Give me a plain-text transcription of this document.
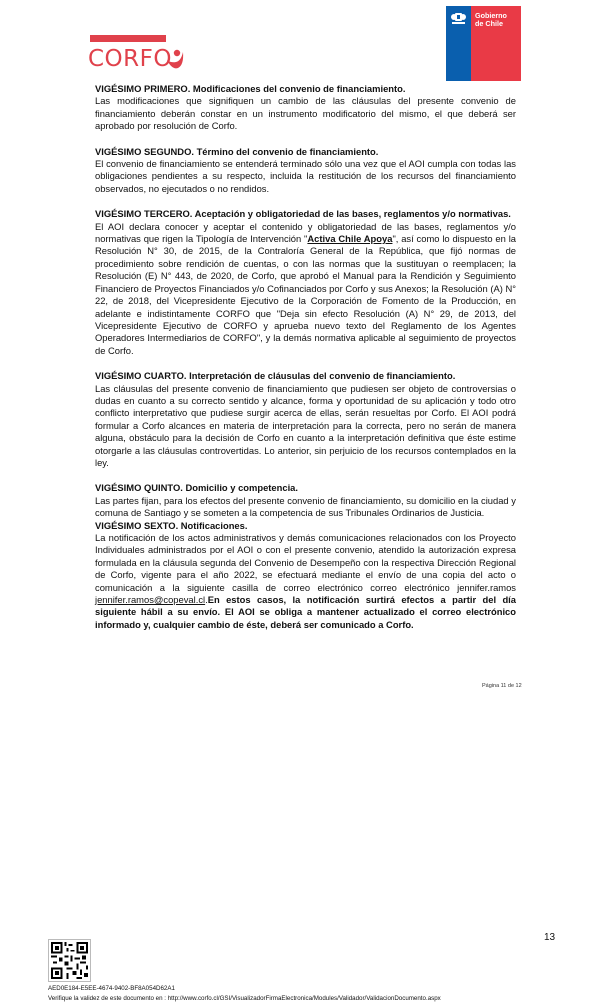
CORFO
Gobierno
de Chile
VIGÉSIMO PRIMERO. Modificaciones del convenio de financiamiento.

Las modificaciones que signifiquen un cambio de las cláusulas del presente convenio de financiamiento deberán constar en un instrumento modificatorio del mismo, el que deberá ser aprobado por resolución de Corfo.

VIGÉSIMO SEGUNDO. Término del convenio de financiamiento.

El convenio de financiamiento se entenderá terminado sólo una vez que el AOI cumpla con todas las obligaciones pendientes a su respecto, incluida la restitución de los recursos del financiamiento observados, no ejecutados o no rendidos.

VIGÉSIMO TERCERO. Aceptación y obligatoriedad de las bases, reglamentos y/o normativas.

El AOI declara conocer y aceptar el contenido y obligatoriedad de las bases, reglamentos y/o normativas que rigen la Tipología de Intervención "Activa Chile Apoya", así como lo dispuesto en la Resolución N° 30, de 2015, de la Contraloría General de la República, que fijó normas de procedimiento sobre rendición de cuentas, o con las normas que la sustituyan o reemplacen; la Resolución (E) N° 443, de 2020, de Corfo, que aprobó el Manual para la Rendición y Seguimiento Financiero de Proyectos Financiados y/o Cofinanciados por Corfo y sus Anexos; la Resolución (A) N° 22, de 2018, del Vicepresidente Ejecutivo de la Corporación de Fomento de la Producción, en adelante e indistintamente CORFO que "Deja sin efecto Resolución (A) N° 29, de 2013, del Vicepresidente Ejecutivo de CORFO y aprueba nuevo texto del Reglamento de los Agentes Operadores Intermediarios de CORFO", y la demás normativa aplicable al seguimiento de proyectos de Corfo.

VIGÉSIMO CUARTO. Interpretación de cláusulas del convenio de financiamiento.

Las cláusulas del presente convenio de financiamiento que pudiesen ser objeto de controversias o dudas en cuanto a su correcto sentido y alcance, forma y oportunidad de su aplicación y todo otro conflicto interpretativo que pudiese surgir acerca de ellas, serán resueltas por Corfo. El AOI podrá formular a Corfo alcances en materia de interpretación para la correcta, pero no serán de manera alguna, obstáculo para la decisión de Corfo en cuanto a la interpretación definitiva que éste estime otorgarle a las cláusulas controvertidas. Lo anterior, sin perjuicio de los recursos contemplados en la ley.

VIGÉSIMO QUINTO. Domicilio y competencia.

Las partes fijan, para los efectos del presente convenio de financiamiento, su domicilio en la ciudad y comuna de Santiago y se someten a la competencia de sus Tribunales Ordinarios de Justicia.

VIGÉSIMO SEXTO. Notificaciones.

La notificación de los actos administrativos y demás comunicaciones relacionados con los Proyecto Individuales administrados por el AOI o con el presente convenio, atendido la autorización expresa formulada en la cláusula segunda del Convenio de Desempeño con la respectiva Dirección Regional de Corfo, vigente para el año 2022, se efectuará mediante el envío de una copia del acto o comunicación a la siguiente casilla de correo electrónico correo electrónico jennifer.ramos jennifer.ramos@copeval.cl.En estos casos, la notificación surtirá efectos a partir del día siguiente hábil a su envío. El AOI se obliga a mantener actualizado el correo electrónico informado y, cualquier cambio de éste, deberá ser comunicado a Corfo.

Página 11 de 12
13
AED0E184-E5EE-4674-9402-BF8A054D62A1
Verifique la validez de este documento en : http://www.corfo.cl/GSI/VisualizadorFirmaElectronica/Modules/Validador/ValidacionDocumento.aspx
